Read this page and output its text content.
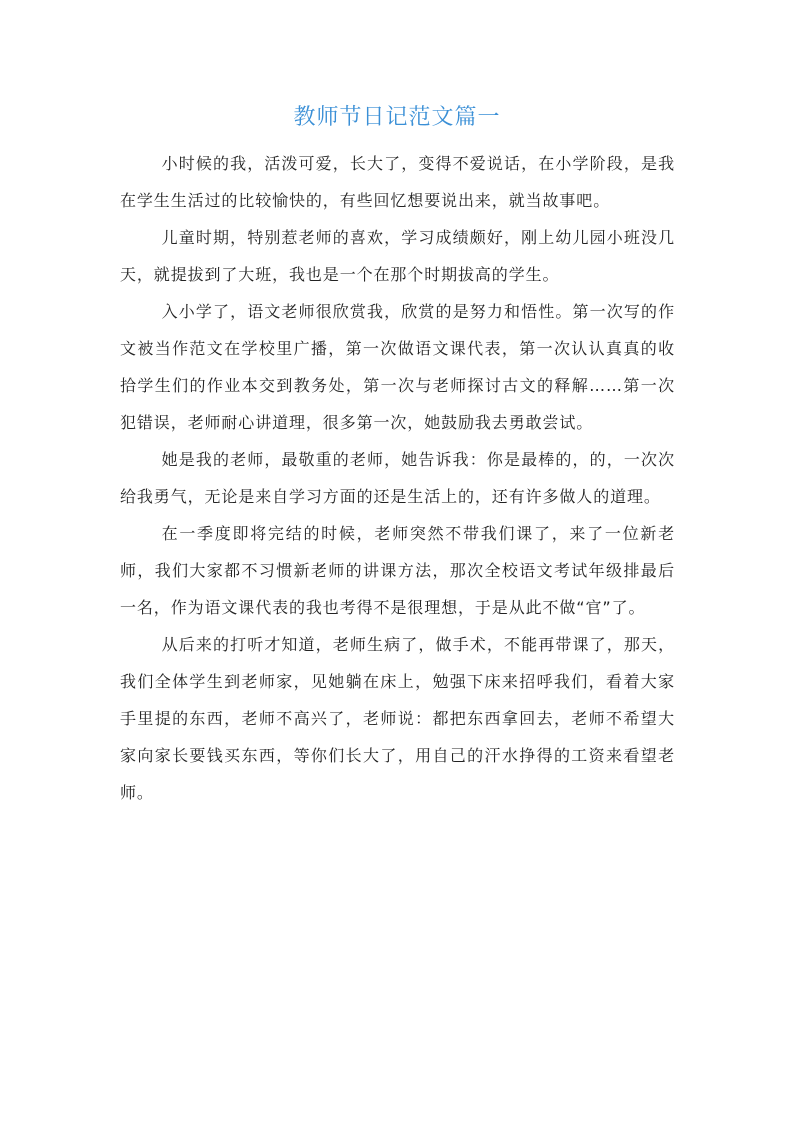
教师节日记范文篇一

小时候的我，活泼可爱，长大了，变得不爱说话，在小学阶段，是我在学生生活过的比较愉快的，有些回忆想要说出来，就当故事吧。

儿童时期，特别惹老师的喜欢，学习成绩颇好，刚上幼儿园小班没几天，就提拔到了大班，我也是一个在那个时期拔高的学生。

入小学了，语文老师很欣赏我，欣赏的是努力和悟性。第一次写的作文被当作范文在学校里广播，第一次做语文课代表，第一次认认真真的收拾学生们的作业本交到教务处，第一次与老师探讨古文的释解……第一次犯错误，老师耐心讲道理，很多第一次，她鼓励我去勇敢尝试。

她是我的老师，最敬重的老师，她告诉我：你是最棒的，的，一次次给我勇气，无论是来自学习方面的还是生活上的，还有许多做人的道理。

在一季度即将完结的时候，老师突然不带我们课了，来了一位新老师，我们大家都不习惯新老师的讲课方法，那次全校语文考试年级排最后一名，作为语文课代表的我也考得不是很理想，于是从此不做“官”了。

从后来的打听才知道，老师生病了，做手术，不能再带课了，那天，我们全体学生到老师家，见她躺在床上，勉强下床来招呼我们，看着大家手里提的东西，老师不高兴了，老师说：都把东西拿回去，老师不希望大家向家长要钱买东西，等你们长大了，用自己的汗水挣得的工资来看望老师。
